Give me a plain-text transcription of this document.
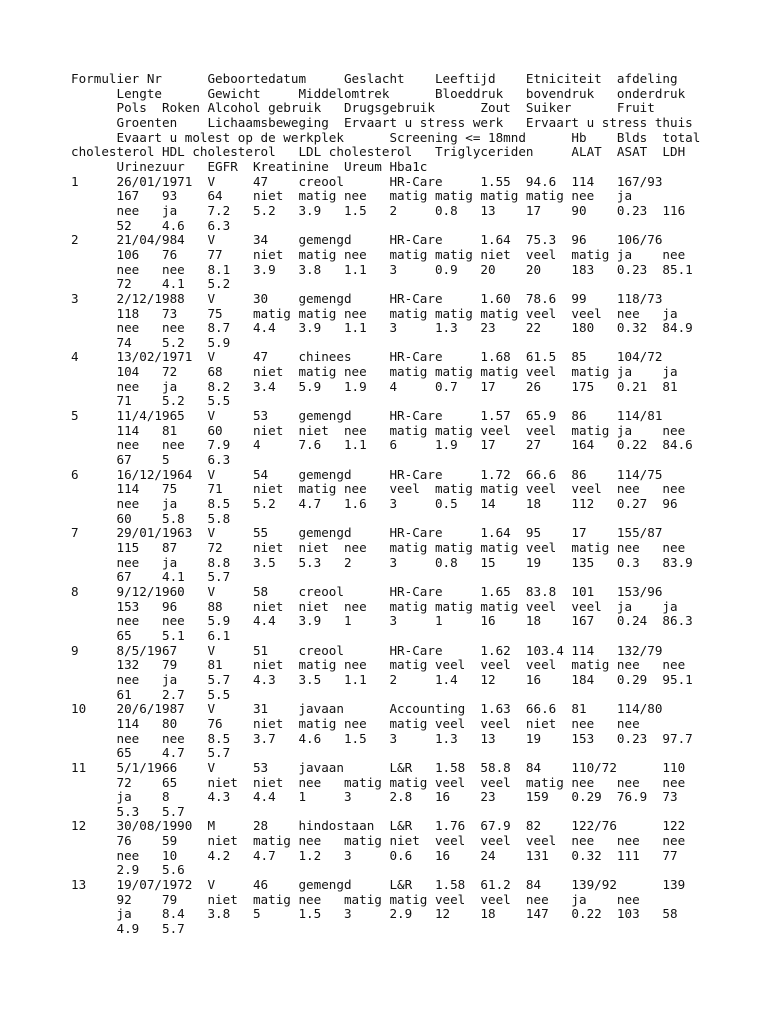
Formulier Nr      Geboortedatum     Geslacht    Leeftijd    Etniciteit  afdeling
Lengte      Gewicht     Middelomtrek      Bloeddruk   bovendruk   onderdruk
Pols  Roken Alcohol gebruik   Drugsgebruik      Zout  Suiker      Fruit
Groenten    Lichaamsbeweging  Ervaart u stress werk   Ervaart u stress thuis
Evaart u molest op de werkplek      Screening <= 18mnd      Hb    Blds  total
cholesterol HDL cholesterol   LDL cholesterol   Triglyceriden     ALAT  ASAT  LDH
Urinezuur   EGFR  Kreatinine  Ureum Hba1c
1     26/01/1971  V     47    creool      HR-Care     1.55  94.6  114   167/93
167   93    64    niet  matig nee   matig matig matig matig nee   ja
nee   ja    7.2   5.2   3.9   1.5   2     0.8   13    17    90    0.23  116
52    4.6   6.3
2     21/04/984   V     34    gemengd     HR-Care     1.64  75.3  96    106/76
106   76    77    niet  matig nee   matig matig niet  veel  matig ja    nee
nee   nee   8.1   3.9   3.8   1.1   3     0.9   20    20    183   0.23  85.1
72    4.1   5.2
3     2/12/1988   V     30    gemengd     HR-Care     1.60  78.6  99    118/73
118   73    75    matig matig nee   matig matig matig veel  veel  nee   ja
nee   nee   8.7   4.4   3.9   1.1   3     1.3   23    22    180   0.32  84.9
74    5.2   5.9
4     13/02/1971  V     47    chinees     HR-Care     1.68  61.5  85    104/72
104   72    68    niet  matig nee   matig matig matig veel  matig ja    ja
nee   ja    8.2   3.4   5.9   1.9   4     0.7   17    26    175   0.21  81
71    5.2   5.5
5     11/4/1965   V     53    gemengd     HR-Care     1.57  65.9  86    114/81
114   81    60    niet  niet  nee   matig matig veel  veel  matig ja    nee
nee   nee   7.9   4     7.6   1.1   6     1.9   17    27    164   0.22  84.6
67    5     6.3
6     16/12/1964  V     54    gemengd     HR-Care     1.72  66.6  86    114/75
114   75    71    niet  matig nee   veel  matig matig veel  veel  nee   nee
nee   ja    8.5   5.2   4.7   1.6   3     0.5   14    18    112   0.27  96
60    5.8   5.8
7     29/01/1963  V     55    gemengd     HR-Care     1.64  95    17    155/87
115   87    72    niet  niet  nee   matig matig matig veel  matig nee   nee
nee   ja    8.8   3.5   5.3   2     3     0.8   15    19    135   0.3   83.9
67    4.1   5.7
8     9/12/1960   V     58    creool      HR-Care     1.65  83.8  101   153/96
153   96    88    niet  niet  nee   matig matig matig veel  veel  ja    ja
nee   nee   5.9   4.4   3.9   1     3     1     16    18    167   0.24  86.3
65    5.1   6.1
9     8/5/1967    V     51    creool      HR-Care     1.62  103.4 114   132/79
132   79    81    niet  matig nee   matig veel  veel  veel  matig nee   nee
nee   ja    5.7   4.3   3.5   1.1   2     1.4   12    16    184   0.29  95.1
61    2.7   5.5
10    20/6/1987   V     31    javaan      Accounting  1.63  66.6  81    114/80
114   80    76    niet  matig nee   matig veel  veel  niet  nee   nee
nee   nee   8.5   3.7   4.6   1.5   3     1.3   13    19    153   0.23  97.7
65    4.7   5.7
11    5/1/1966    V     53    javaan      L&R   1.58  58.8  84    110/72      110
72    65    niet  niet  nee   matig matig veel  veel  matig nee   nee   nee
ja    8     4.3   4.4   1     3     2.8   16    23    159   0.29  76.9  73
5.3   5.7
12    30/08/1990  M     28    hindostaan  L&R   1.76  67.9  82    122/76      122
76    59    niet  matig nee   matig niet  veel  veel  veel  nee   nee   nee
nee   10    4.2   4.7   1.2   3     0.6   16    24    131   0.32  111   77
2.9   5.6
13    19/07/1972  V     46    gemengd     L&R   1.58  61.2  84    139/92      139
92    79    niet  matig nee   matig matig veel  veel  nee   ja    nee
ja    8.4   3.8   5     1.5   3     2.9   12    18    147   0.22  103   58
4.9   5.7
